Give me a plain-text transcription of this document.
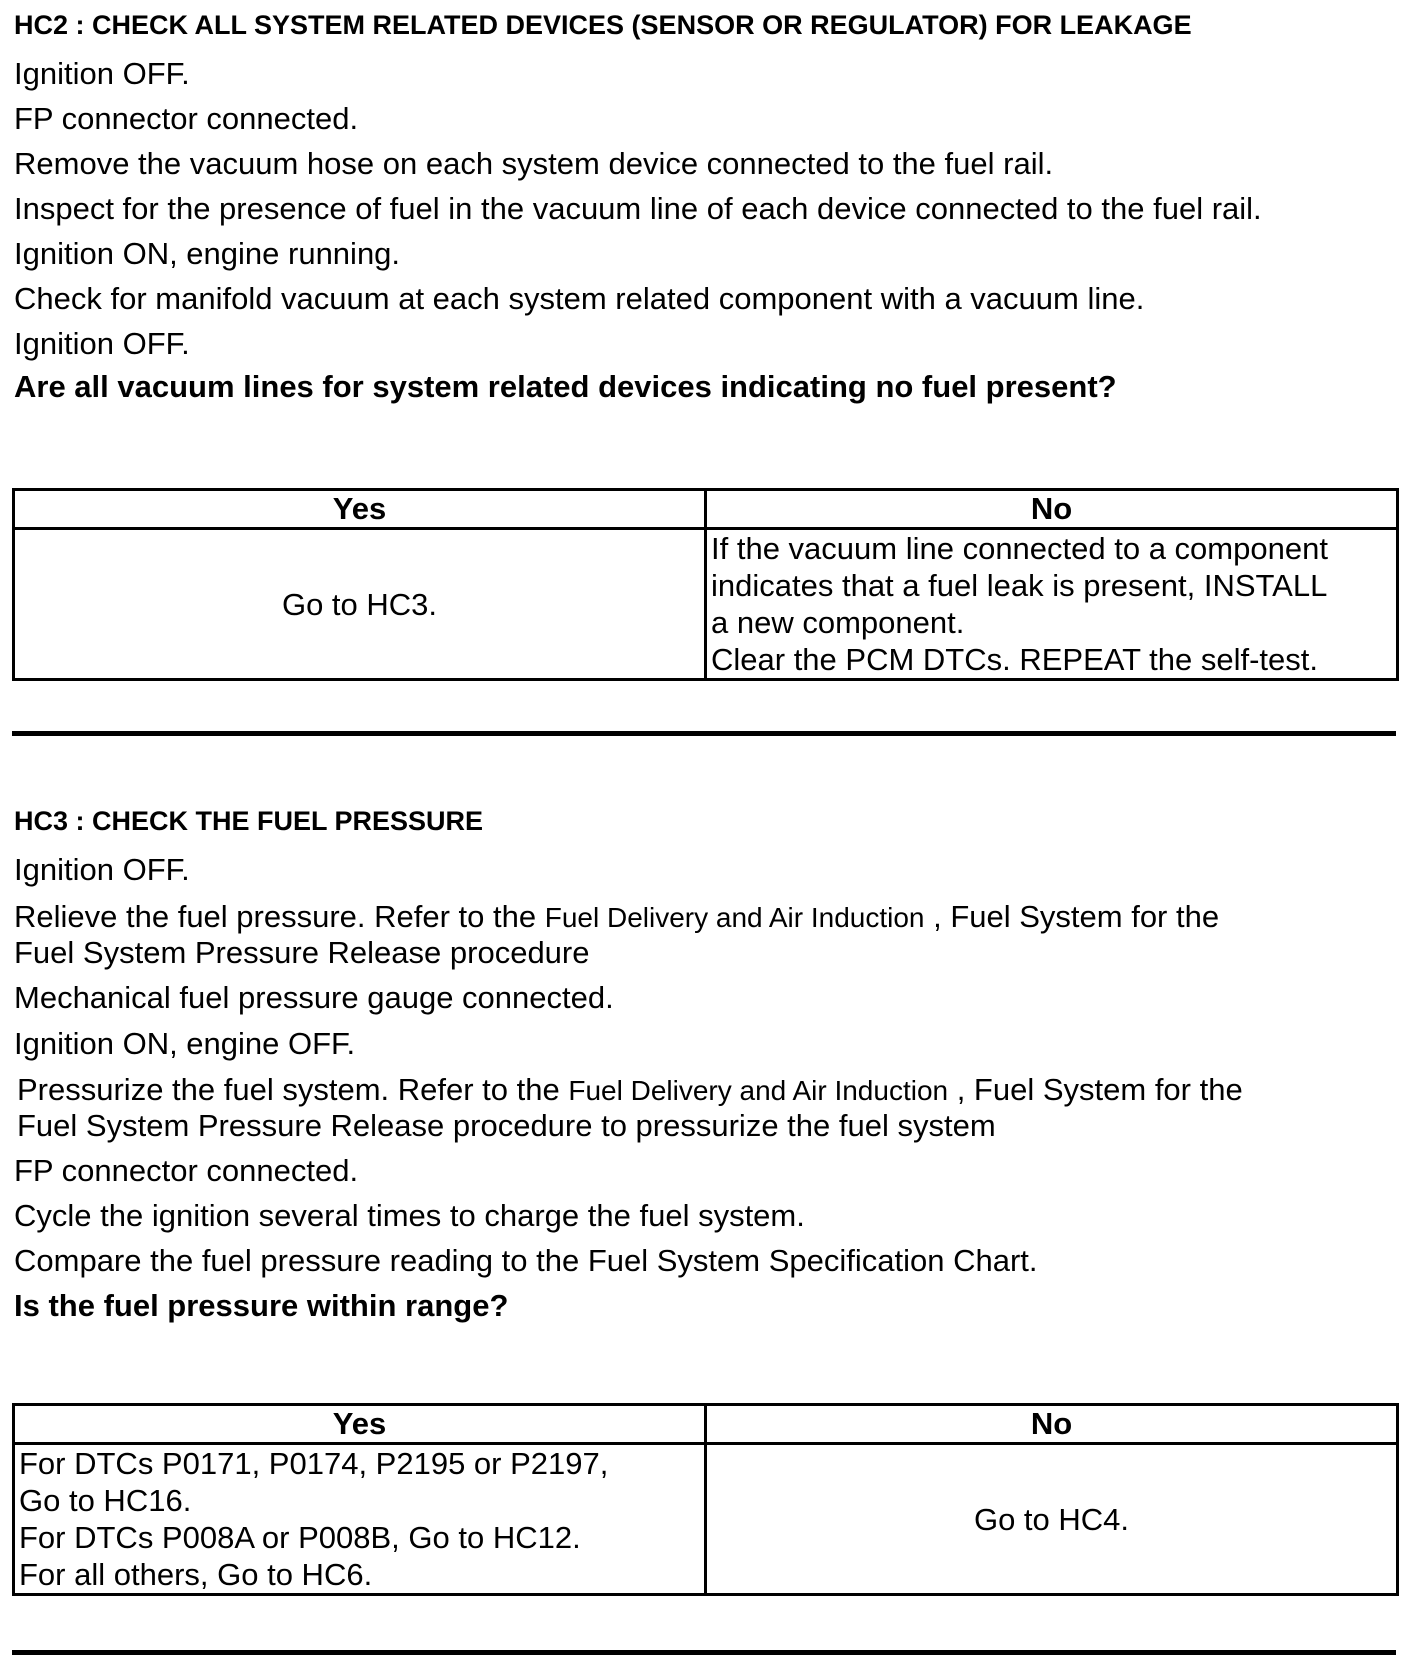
HC2 : CHECK ALL SYSTEM RELATED DEVICES (SENSOR OR REGULATOR) FOR LEAKAGE

Ignition OFF.

FP connector connected.

Remove the vacuum hose on each system device connected to the fuel rail.

Inspect for the presence of fuel in the vacuum line of each device connected to the fuel rail.

Ignition ON, engine running.

Check for manifold vacuum at each system related component with a vacuum line.

Ignition OFF.

Are all vacuum lines for system related devices indicating no fuel present?

Yes	No
Go to HC3.	If the vacuum line connected to a component
indicates that a fuel leak is present, INSTALL
a new component.
Clear the PCM DTCs. REPEAT the self-test.

HC3 : CHECK THE FUEL PRESSURE

Ignition OFF.

Relieve the fuel pressure. Refer to the Fuel Delivery and Air Induction , Fuel System for the

Fuel System Pressure Release procedure

Mechanical fuel pressure gauge connected.

Ignition ON, engine OFF.

Pressurize the fuel system. Refer to the Fuel Delivery and Air Induction , Fuel System for the

Fuel System Pressure Release procedure to pressurize the fuel system

FP connector connected.

Cycle the ignition several times to charge the fuel system.

Compare the fuel pressure reading to the Fuel System Specification Chart.

Is the fuel pressure within range?

Yes	No

For DTCs P0171, P0174, P2195 or P2197,
Go to HC16.
For DTCs P008A or P008B, Go to HC12.
For all others, Go to HC6.	Go to HC4.
